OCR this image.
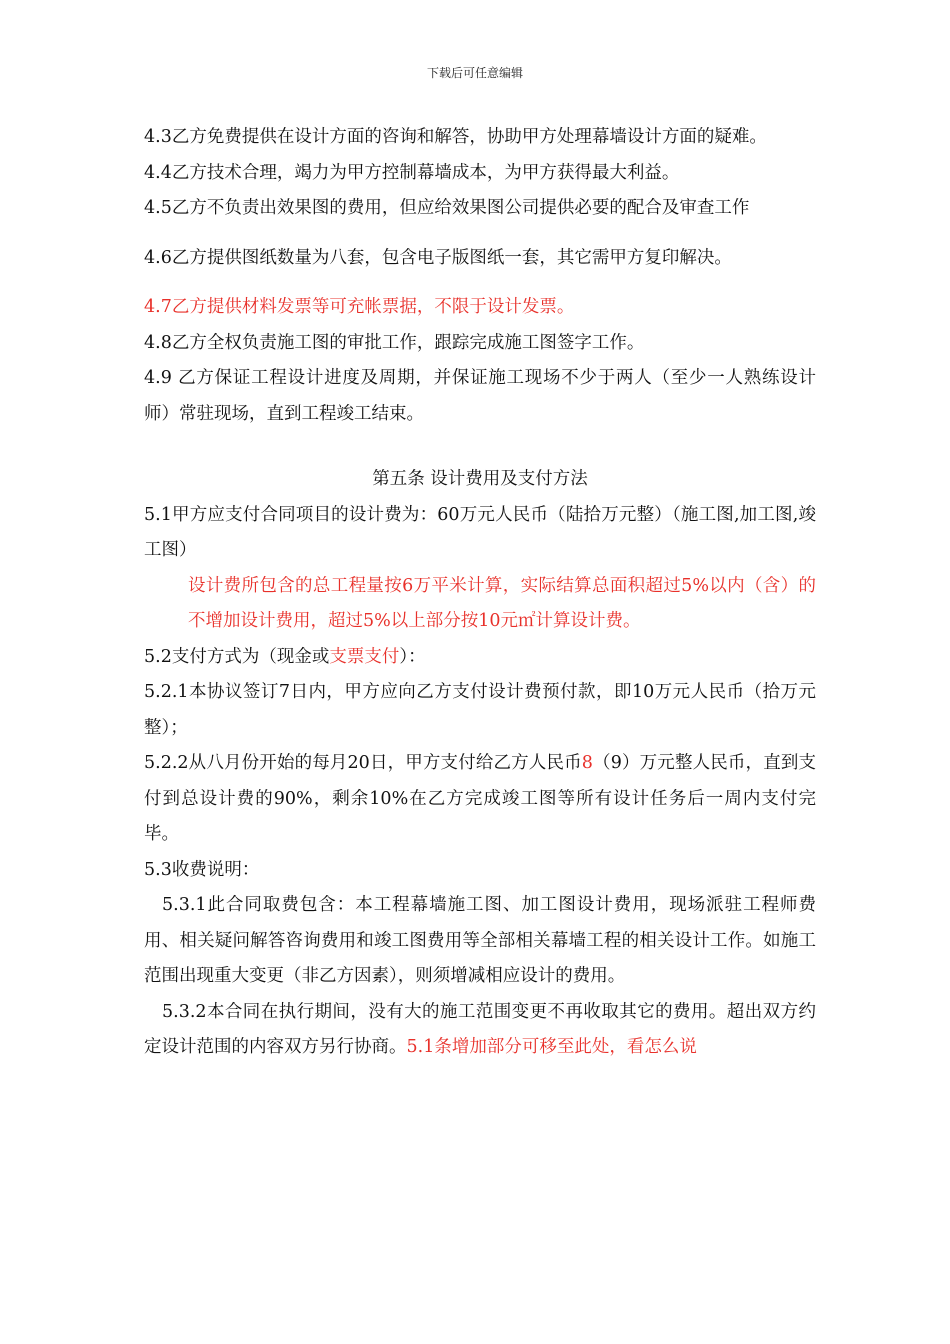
下载后可任意编辑

4.3乙方免费提供在设计方面的咨询和解答，协助甲方处理幕墙设计方面的疑难。

4.4乙方技术合理，竭力为甲方控制幕墙成本，为甲方获得最大利益。

4.5乙方不负责出效果图的费用，但应给效果图公司提供必要的配合及审查工作

4.6乙方提供图纸数量为八套，包含电子版图纸一套，其它需甲方复印解决。

4.7乙方提供材料发票等可充帐票据，不限于设计发票。

4.8乙方全权负责施工图的审批工作，跟踪完成施工图签字工作。

4.9 乙方保证工程设计进度及周期，并保证施工现场不少于两人（至少一人熟练设计师）常驻现场，直到工程竣工结束。

第五条 设计费用及支付方法

5.1甲方应支付合同项目的设计费为：60万元人民币（陆拾万元整）（施工图,加工图,竣工图）

设计费所包含的总工程量按6万平米计算，实际结算总面积超过5%以内（含）的不增加设计费用，超过5%以上部分按10元㎡计算设计费。

5.2支付方式为（现金或支票支付）：

5.2.1本协议签订7日内，甲方应向乙方支付设计费预付款，即10万元人民币（拾万元整）；

5.2.2从八月份开始的每月20日，甲方支付给乙方人民币8（9）万元整人民币，直到支付到总设计费的90%，剩余10%在乙方完成竣工图等所有设计任务后一周内支付完毕。

5.3收费说明：

5.3.1此合同取费包含：本工程幕墙施工图、加工图设计费用，现场派驻工程师费用、相关疑问解答咨询费用和竣工图费用等全部相关幕墙工程的相关设计工作。如施工范围出现重大变更（非乙方因素），则须增减相应设计的费用。

5.3.2本合同在执行期间，没有大的施工范围变更不再收取其它的费用。超出双方约定设计范围的内容双方另行协商。5.1条增加部分可移至此处，看怎么说
